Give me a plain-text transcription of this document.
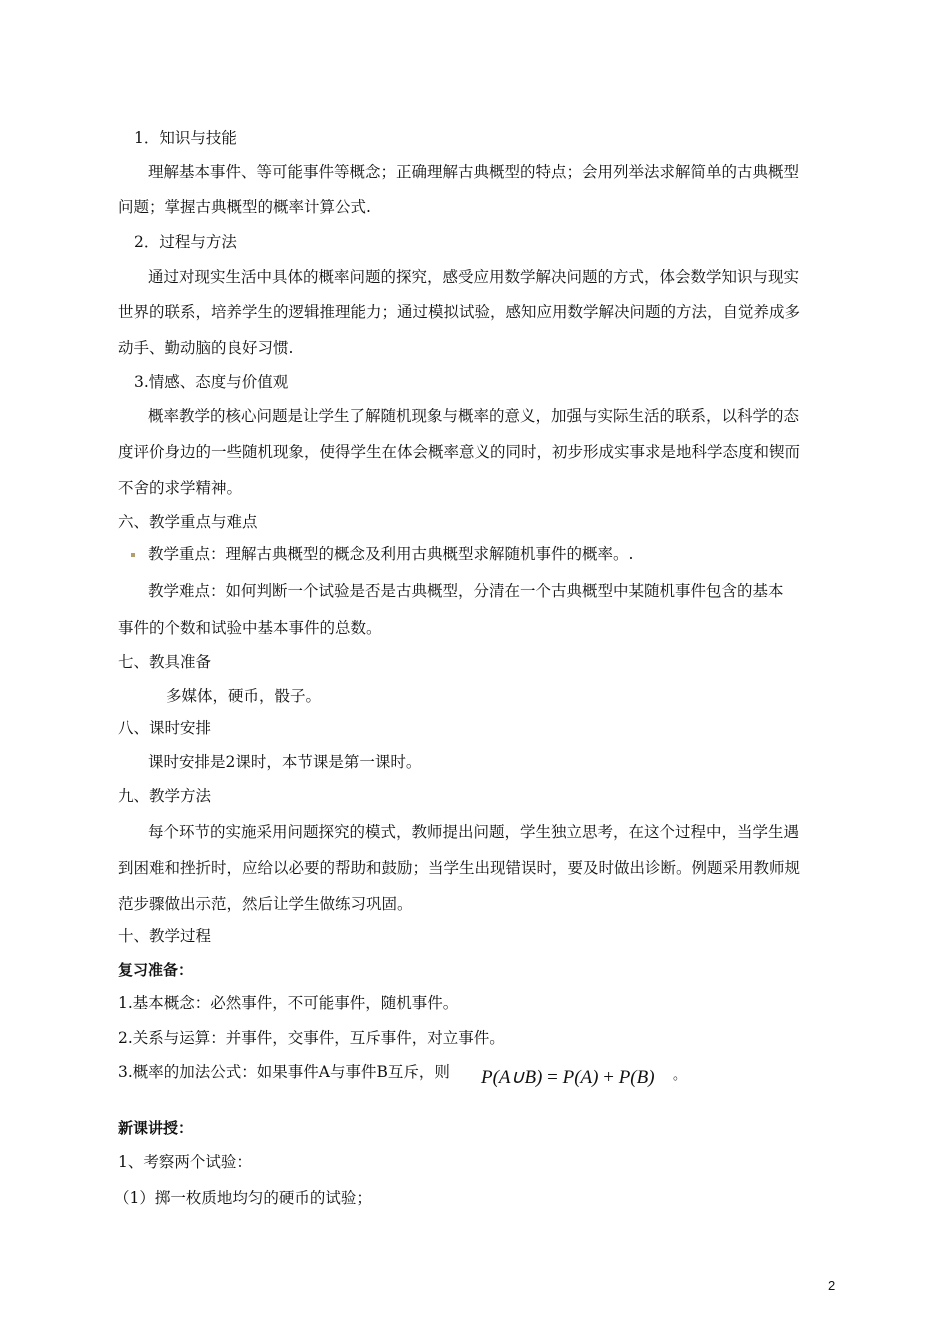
1．知识与技能
理解基本事件、等可能事件等概念；正确理解古典概型的特点；会用列举法求解简单的古典概型
问题；掌握古典概型的概率计算公式.
2．过程与方法
通过对现实生活中具体的概率问题的探究，感受应用数学解决问题的方式，体会数学知识与现实
世界的联系，培养学生的逻辑推理能力；通过模拟试验，感知应用数学解决问题的方法，自觉养成多
动手、勤动脑的良好习惯.
3.情感、态度与价值观
概率教学的核心问题是让学生了解随机现象与概率的意义，加强与实际生活的联系，以科学的态
度评价身边的一些随机现象，使得学生在体会概率意义的同时，初步形成实事求是地科学态度和锲而
不舍的求学精神。
六、教学重点与难点
教学重点：理解古典概型的概念及利用古典概型求解随机事件的概率。.
教学难点：如何判断一个试验是否是古典概型，分清在一个古典概型中某随机事件包含的基本
事件的个数和试验中基本事件的总数。
七、教具准备
多媒体，硬币，骰子。
八、课时安排
课时安排是2课时，本节课是第一课时。
九、教学方法
每个环节的实施采用问题探究的模式，教师提出问题，学生独立思考，在这个过程中，当学生遇
到困难和挫折时，应给以必要的帮助和鼓励；当学生出现错误时，要及时做出诊断。例题采用教师规
范步骤做出示范，然后让学生做练习巩固。
十、教学过程
复习准备：
1.基本概念：必然事件，不可能事件，随机事件。
2.关系与运算：并事件，交事件，互斥事件，对立事件。
3.概率的加法公式：如果事件A与事件B互斥，则 P(A∪B) = P(A) + P(B) 。
新课讲授：
1、考察两个试验：
（1）掷一枚质地均匀的硬币的试验；
2
